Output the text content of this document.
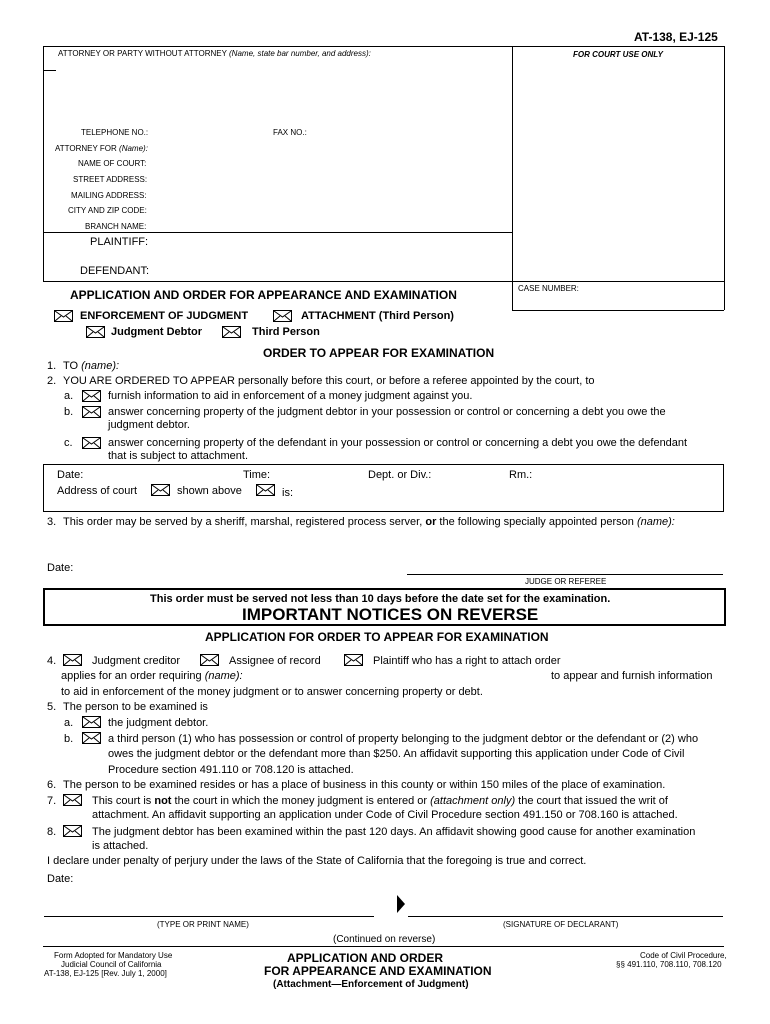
AT-138, EJ-125
ATTORNEY OR PARTY WITHOUT ATTORNEY (Name, state bar number, and address):	FOR COURT USE ONLY
TELEPHONE NO.:	FAX NO.:
ATTORNEY FOR (Name):
NAME OF COURT:
STREET ADDRESS:
MAILING ADDRESS:
CITY AND ZIP CODE:
BRANCH NAME:
PLAINTIFF:
DEFENDANT:
CASE NUMBER:
APPLICATION AND ORDER FOR APPEARANCE AND EXAMINATION
ENFORCEMENT OF JUDGMENT	ATTACHMENT (Third Person)
Judgment Debtor	Third Person
ORDER TO APPEAR FOR EXAMINATION
1. TO (name):
2. YOU ARE ORDERED TO APPEAR personally before this court, or before a referee appointed by the court, to
a.	furnish information to aid in enforcement of a money judgment against you.
b.	answer concerning property of the judgment debtor in your possession or control or concerning a debt you owe the
judgment debtor.
c.	answer concerning property of the defendant in your possession or control or concerning a debt you owe the defendant
that is subject to attachment.
Date:	Time:	Dept. or Div.:	Rm.:
Address of court	shown above	is:
3. This order may be served by a sheriff, marshal, registered process server, or the following specially appointed person (name):
Date:
JUDGE OR REFEREE
This order must be served not less than 10 days before the date set for the examination.
IMPORTANT NOTICES ON REVERSE
APPLICATION FOR ORDER TO APPEAR FOR EXAMINATION
4.	Judgment creditor	Assignee of record	Plaintiff who has a right to attach order
applies for an order requiring (name):	to appear and furnish information
to aid in enforcement of the money judgment or to answer concerning property or debt.
5. The person to be examined is
a.	the judgment debtor.
b.	a third person (1) who has possession or control of property belonging to the judgment debtor or the defendant or (2) who
owes the judgment debtor or the defendant more than $250. An affidavit supporting this application under Code of Civil
Procedure section 491.110 or 708.120 is attached.
6. The person to be examined resides or has a place of business in this county or within 150 miles of the place of examination.
7.	This court is not the court in which the money judgment is entered or (attachment only) the court that issued the writ of
attachment. An affidavit supporting an application under Code of Civil Procedure section 491.150 or 708.160 is attached.
8.	The judgment debtor has been examined within the past 120 days. An affidavit showing good cause for another examination
is attached.
I declare under penalty of perjury under the laws of the State of California that the foregoing is true and correct.
Date:
(TYPE OR PRINT NAME)	(SIGNATURE OF DECLARANT)
(Continued on reverse)
Form Adopted for Mandatory Use
Judicial Council of California
AT-138, EJ-125 [Rev. July 1, 2000]
APPLICATION AND ORDER
FOR APPEARANCE AND EXAMINATION
(Attachment—Enforcement of Judgment)
Code of Civil Procedure,
§§ 491.110, 708.110, 708.120
